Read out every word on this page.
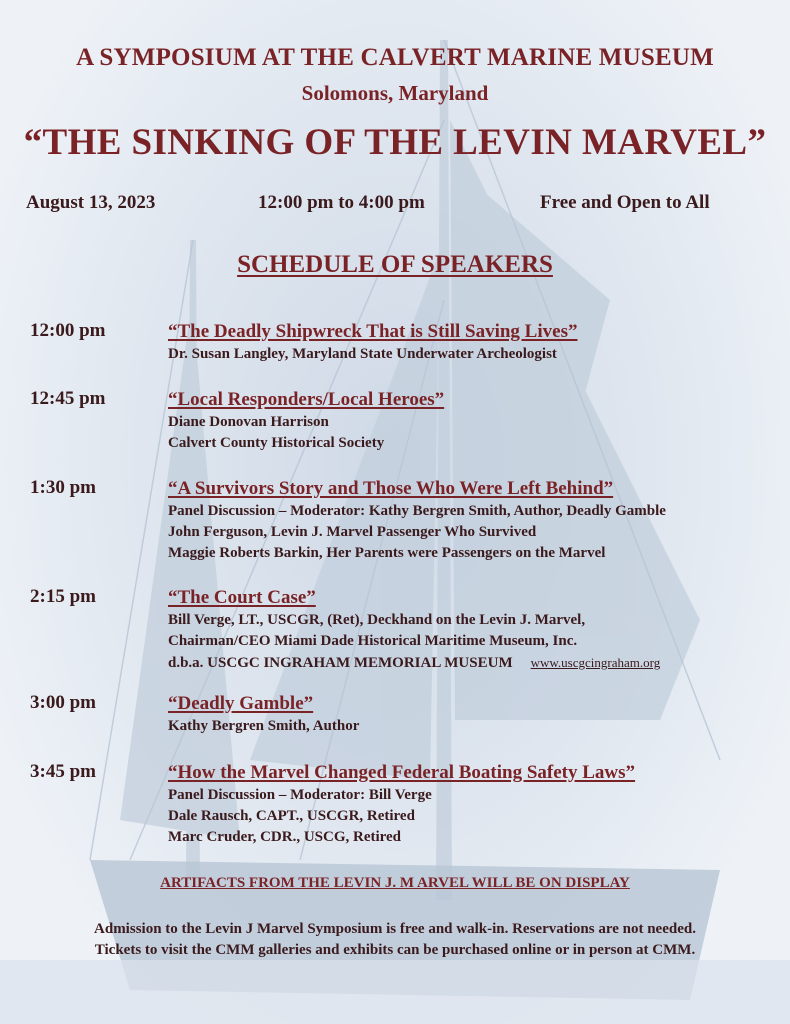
A SYMPOSIUM AT THE CALVERT MARINE MUSEUM
Solomons, Maryland
“THE SINKING OF THE LEVIN MARVEL”
August 13, 2023	12:00 pm to 4:00 pm	Free and Open to All
SCHEDULE OF SPEAKERS
12:00 pm	“The Deadly Shipwreck That is Still Saving Lives”
Dr. Susan Langley, Maryland State Underwater Archeologist
12:45 pm	“Local Responders/Local Heroes”
Diane Donovan Harrison
Calvert County Historical Society
1:30 pm	“A Survivors Story and Those Who Were Left Behind”
Panel Discussion – Moderator: Kathy Bergren Smith, Author, Deadly Gamble
John Ferguson, Levin J. Marvel Passenger Who Survived
Maggie Roberts Barkin, Her Parents were Passengers on the Marvel
2:15 pm	“The Court Case”
Bill Verge, LT., USCGR, (Ret), Deckhand on the Levin J. Marvel,
Chairman/CEO Miami Dade Historical Maritime Museum, Inc.
d.b.a. USCGC INGRAHAM MEMORIAL MUSEUM www.uscgcingraham.org
3:00 pm	“Deadly Gamble”
Kathy Bergren Smith, Author
3:45 pm	“How the Marvel Changed Federal Boating Safety Laws”
Panel Discussion – Moderator: Bill Verge
Dale Rausch, CAPT., USCGR, Retired
Marc Cruder, CDR., USCG, Retired
ARTIFACTS FROM THE LEVIN J. M ARVEL WILL BE ON DISPLAY
Admission to the Levin J Marvel Symposium is free and walk-in. Reservations are not needed.
Tickets to visit the CMM galleries and exhibits can be purchased online or in person at CMM.
